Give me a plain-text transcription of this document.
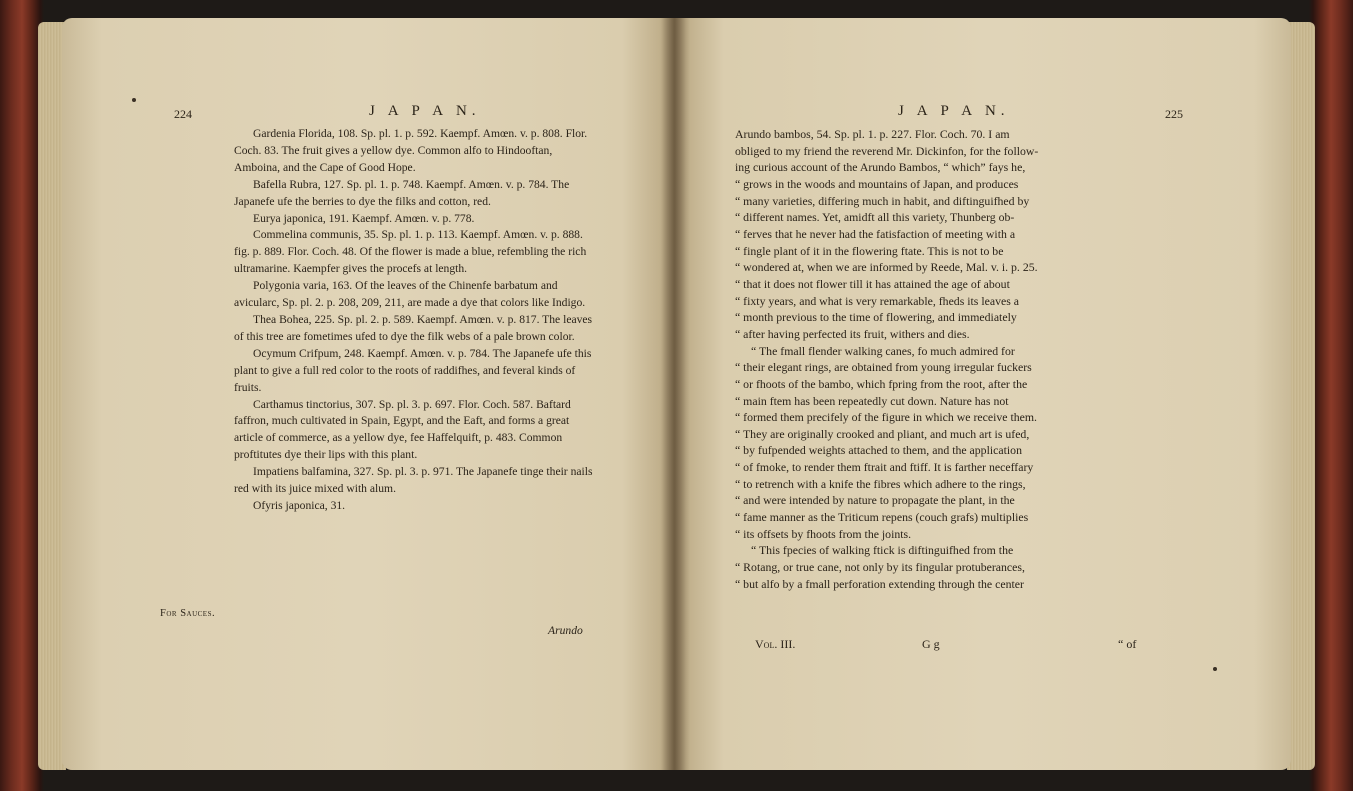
224	J A P A N.

Gardenia Florida, 108. Sp. pl. 1. p. 592. Kaempf. Amœn. v. p. 808. Flor. Coch. 83. The fruit gives a yellow dye. Common alfo to Hindooftan, Amboina, and the Cape of Good Hope.

Bafella Rubra, 127. Sp. pl. 1. p. 748. Kaempf. Amœn. v. p. 784. The Japanefe ufe the berries to dye the filks and cotton, red.

Eurya japonica, 191. Kaempf. Amœn. v. p. 778.

Commelina communis, 35. Sp. pl. 1. p. 113. Kaempf. Amœn. v. p. 888. fig. p. 889. Flor. Coch. 48. Of the flower is made a blue, refembling the rich ultramarine. Kaempfer gives the procefs at length.

Polygonia varia, 163. Of the leaves of the Chinenfe barbatum and avicularc, Sp. pl. 2. p. 208, 209, 211, are made a dye that colors like Indigo.

Thea Bohea, 225. Sp. pl. 2. p. 589. Kaempf. Amœn. v. p. 817. The leaves of this tree are fometimes ufed to dye the filk webs of a pale brown color.

Ocymum Crifpum, 248. Kaempf. Amœn. v. p. 784. The Japanefe ufe this plant to give a full red color to the roots of raddifhes, and feveral kinds of fruits.

Carthamus tinctorius, 307. Sp. pl. 3. p. 697. Flor. Coch. 587. Baftard faffron, much cultivated in Spain, Egypt, and the Eaft, and forms a great article of commerce, as a yellow dye, fee Haffelquift, p. 483. Common proftitutes dye their lips with this plant.

Impatiens balfamina, 327. Sp. pl. 3. p. 971. The Japanefe tinge their nails red with its juice mixed with alum.

Ofyris japonica, 31.

For Sauces.
Arundo
J A P A N.	225

Arundo bambos, 54. Sp. pl. 1. p. 227. Flor. Coch. 70. I am

obliged to my friend the reverend Mr. Dickinfon, for the follow-

ing curious account of the Arundo Bambos, “ which” fays he,

“ grows in the woods and mountains of Japan, and produces

“ many varieties, differing much in habit, and diftinguifhed by

“ different names. Yet, amidft all this variety, Thunberg ob-

“ ferves that he never had the fatisfaction of meeting with a

“ fingle plant of it in the flowering ftate. This is not to be

“ wondered at, when we are informed by Reede, Mal. v. i. p. 25.

“ that it does not flower till it has attained the age of about

“ fixty years, and what is very remarkable, fheds its leaves a

“ month previous to the time of flowering, and immediately

“ after having perfected its fruit, withers and dies.

“ The fmall flender walking canes, fo much admired for

“ their elegant rings, are obtained from young irregular fuckers

“ or fhoots of the bambo, which fpring from the root, after the

“ main ftem has been repeatedly cut down. Nature has not

“ formed them precifely of the figure in which we receive them.

“ They are originally crooked and pliant, and much art is ufed,

“ by fufpended weights attached to them, and the application

“ of fmoke, to render them ftrait and ftiff. It is farther neceffary

“ to retrench with a knife the fibres which adhere to the rings,

“ and were intended by nature to propagate the plant, in the

“ fame manner as the Triticum repens (couch grafs) multiplies

“ its offsets by fhoots from the joints.

“ This fpecies of walking ftick is diftinguifhed from the

“ Rotang, or true cane, not only by its fingular protuberances,

“ but alfo by a fmall perforation extending through the center

Vol. III.	G g	“ of
